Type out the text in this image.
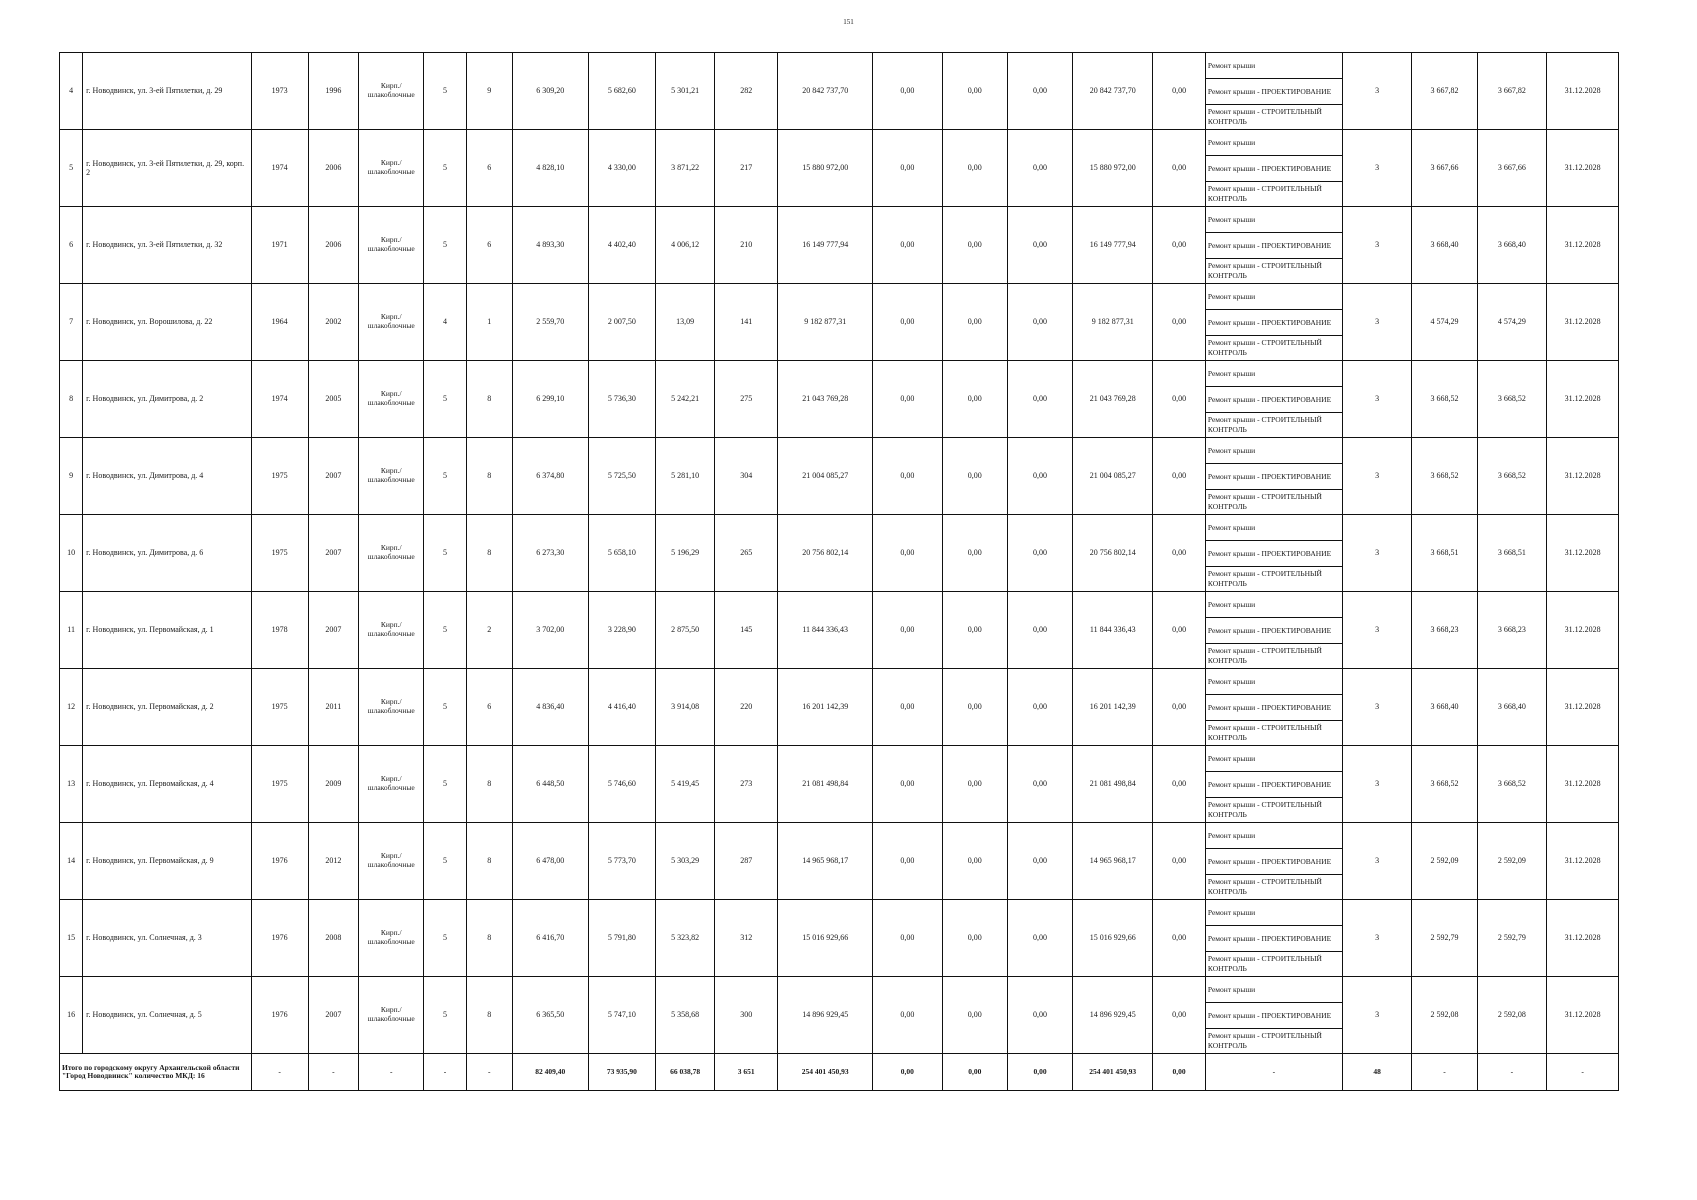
151
4	г. Новодвинск, ул. 3-ей Пятилетки, д. 29	1973	1996	Кирп./ шлакоблочные	5	9	6 309,20	5 682,60	5 301,21	282	20 842 737,70	0,00	0,00	0,00	20 842 737,70	0,00	Ремонт крыши
Ремонт крыши - ПРОЕКТИРОВАНИЕ
Ремонт крыши - СТРОИТЕЛЬНЫЙ КОНТРОЛЬ	3	3 667,82	3 667,82	31.12.2028
5	г. Новодвинск, ул. 3-ей Пятилетки, д. 29, корп. 2	1974	2006	Кирп./ шлакоблочные	5	6	4 828,10	4 330,00	3 871,22	217	15 880 972,00	0,00	0,00	0,00	15 880 972,00	0,00	Ремонт крыши
Ремонт крыши - ПРОЕКТИРОВАНИЕ
Ремонт крыши - СТРОИТЕЛЬНЫЙ КОНТРОЛЬ	3	3 667,66	3 667,66	31.12.2028
6	г. Новодвинск, ул. 3-ей Пятилетки, д. 32	1971	2006	Кирп./ шлакоблочные	5	6	4 893,30	4 402,40	4 006,12	210	16 149 777,94	0,00	0,00	0,00	16 149 777,94	0,00	Ремонт крыши
Ремонт крыши - ПРОЕКТИРОВАНИЕ
Ремонт крыши - СТРОИТЕЛЬНЫЙ КОНТРОЛЬ	3	3 668,40	3 668,40	31.12.2028
7	г. Новодвинск, ул. Ворошилова, д. 22	1964	2002	Кирп./ шлакоблочные	4	1	2 559,70	2 007,50	13,09	141	9 182 877,31	0,00	0,00	0,00	9 182 877,31	0,00	Ремонт крыши
Ремонт крыши - ПРОЕКТИРОВАНИЕ
Ремонт крыши - СТРОИТЕЛЬНЫЙ КОНТРОЛЬ	3	4 574,29	4 574,29	31.12.2028
8	г. Новодвинск, ул. Димитрова, д. 2	1974	2005	Кирп./ шлакоблочные	5	8	6 299,10	5 736,30	5 242,21	275	21 043 769,28	0,00	0,00	0,00	21 043 769,28	0,00	Ремонт крыши
Ремонт крыши - ПРОЕКТИРОВАНИЕ
Ремонт крыши - СТРОИТЕЛЬНЫЙ КОНТРОЛЬ	3	3 668,52	3 668,52	31.12.2028
9	г. Новодвинск, ул. Димитрова, д. 4	1975	2007	Кирп./ шлакоблочные	5	8	6 374,80	5 725,50	5 281,10	304	21 004 085,27	0,00	0,00	0,00	21 004 085,27	0,00	Ремонт крыши
Ремонт крыши - ПРОЕКТИРОВАНИЕ
Ремонт крыши - СТРОИТЕЛЬНЫЙ КОНТРОЛЬ	3	3 668,52	3 668,52	31.12.2028
10	г. Новодвинск, ул. Димитрова, д. 6	1975	2007	Кирп./ шлакоблочные	5	8	6 273,30	5 658,10	5 196,29	265	20 756 802,14	0,00	0,00	0,00	20 756 802,14	0,00	Ремонт крыши
Ремонт крыши - ПРОЕКТИРОВАНИЕ
Ремонт крыши - СТРОИТЕЛЬНЫЙ КОНТРОЛЬ	3	3 668,51	3 668,51	31.12.2028
11	г. Новодвинск, ул. Первомайская, д. 1	1978	2007	Кирп./ шлакоблочные	5	2	3 702,00	3 228,90	2 875,50	145	11 844 336,43	0,00	0,00	0,00	11 844 336,43	0,00	Ремонт крыши
Ремонт крыши - ПРОЕКТИРОВАНИЕ
Ремонт крыши - СТРОИТЕЛЬНЫЙ КОНТРОЛЬ	3	3 668,23	3 668,23	31.12.2028
12	г. Новодвинск, ул. Первомайская, д. 2	1975	2011	Кирп./ шлакоблочные	5	6	4 836,40	4 416,40	3 914,08	220	16 201 142,39	0,00	0,00	0,00	16 201 142,39	0,00	Ремонт крыши
Ремонт крыши - ПРОЕКТИРОВАНИЕ
Ремонт крыши - СТРОИТЕЛЬНЫЙ КОНТРОЛЬ	3	3 668,40	3 668,40	31.12.2028
13	г. Новодвинск, ул. Первомайская, д. 4	1975	2009	Кирп./ шлакоблочные	5	8	6 448,50	5 746,60	5 419,45	273	21 081 498,84	0,00	0,00	0,00	21 081 498,84	0,00	Ремонт крыши
Ремонт крыши - ПРОЕКТИРОВАНИЕ
Ремонт крыши - СТРОИТЕЛЬНЫЙ КОНТРОЛЬ	3	3 668,52	3 668,52	31.12.2028
14	г. Новодвинск, ул. Первомайская, д. 9	1976	2012	Кирп./ шлакоблочные	5	8	6 478,00	5 773,70	5 303,29	287	14 965 968,17	0,00	0,00	0,00	14 965 968,17	0,00	Ремонт крыши
Ремонт крыши - ПРОЕКТИРОВАНИЕ
Ремонт крыши - СТРОИТЕЛЬНЫЙ КОНТРОЛЬ	3	2 592,09	2 592,09	31.12.2028
15	г. Новодвинск, ул. Солнечная, д. 3	1976	2008	Кирп./ шлакоблочные	5	8	6 416,70	5 791,80	5 323,82	312	15 016 929,66	0,00	0,00	0,00	15 016 929,66	0,00	Ремонт крыши
Ремонт крыши - ПРОЕКТИРОВАНИЕ
Ремонт крыши - СТРОИТЕЛЬНЫЙ КОНТРОЛЬ	3	2 592,79	2 592,79	31.12.2028
16	г. Новодвинск, ул. Солнечная, д. 5	1976	2007	Кирп./ шлакоблочные	5	8	6 365,50	5 747,10	5 358,68	300	14 896 929,45	0,00	0,00	0,00	14 896 929,45	0,00	Ремонт крыши
Ремонт крыши - ПРОЕКТИРОВАНИЕ
Ремонт крыши - СТРОИТЕЛЬНЫЙ КОНТРОЛЬ	3	2 592,08	2 592,08	31.12.2028
Итого по городскому округу Архангельской области "Город Новодвинск" количество МКД: 16		-	-	-	-	-	82 409,40	73 935,90	66 038,78	3 651	254 401 450,93	0,00	0,00	0,00	254 401 450,93	0,00	-	48	-	-	-
